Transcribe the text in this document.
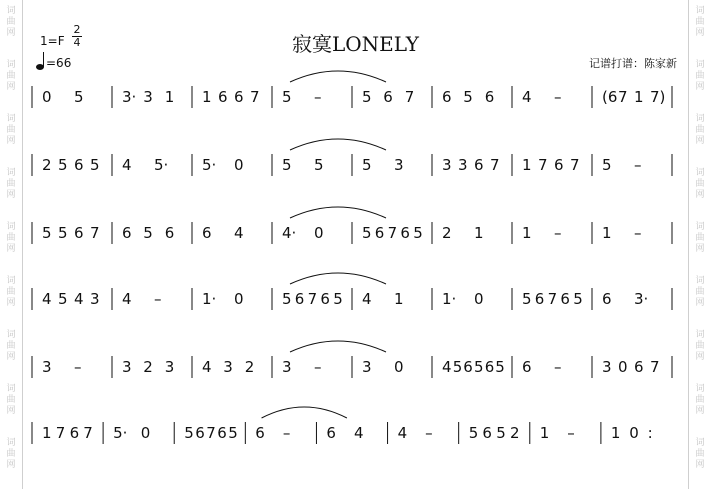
寂寞LONELY
1=F
2
4
=66	记谱打谱：陈家新
0 5	3· 3 1 1 6 6 7 5 –	5 6 7 6 5 6 4 –	(6 7 1 7)
2 5 6 5 4 5· 5· 0	5 5	5 3	3 3 6 7 1 7 6 7 5 –
5 5 6 7 6 5 6 6 4	4· 0	5 6 7 6 5 2 1	1 –	1 –
4 5 4 3 4 –	1· 0	5 6 7 6 5 4 1	1· 0	5 6 7 6 5 6 3·
3 –	3 2 3 4 3 2 3 –	3 0	4 5 6 5 6 5 6 –	3 0 6 7
1 7 6 7 5· 0 5 6 7 6 5 6 – 6 4 4 – 5 6 5 2 1 – 1 0 :
词
曲
网
词
曲
网
词
曲
网
词
曲
网
词
曲
网
词
曲
网
词
曲
网
词
曲
网
词
曲
网
词
曲
网
词
曲
网
词
曲
网
词
曲
网
词
曲
网
词
曲
网
词
曲
网
词
曲
网
词
曲
网
